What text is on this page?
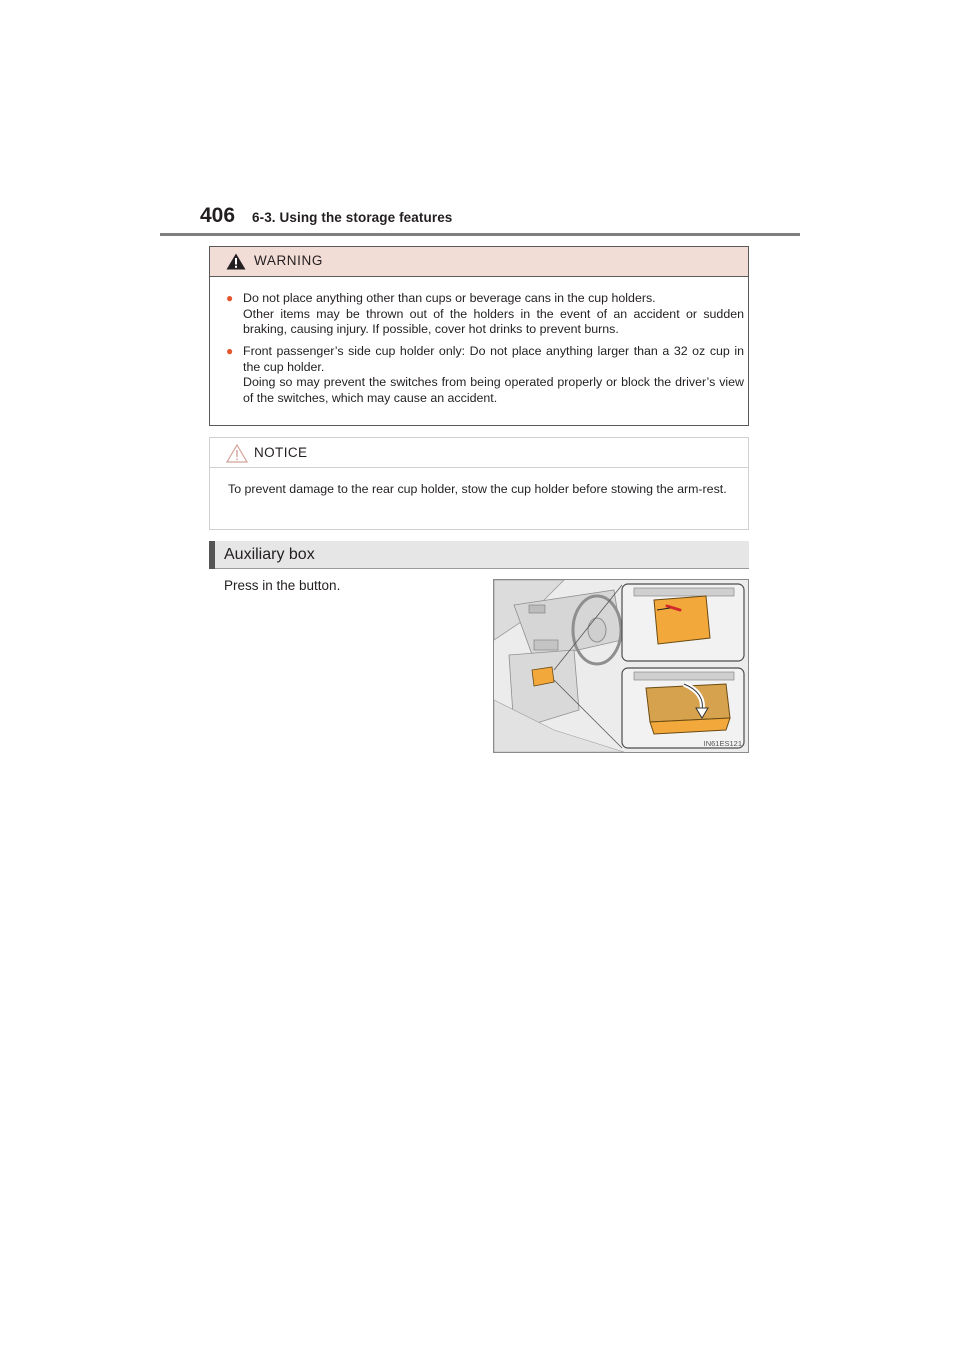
406 6-3. Using the storage features
WARNING
● Do not place anything other than cups or beverage cans in the cup holders.
Other items may be thrown out of the holders in the event of an accident or sudden braking, causing injury. If possible, cover hot drinks to prevent burns.
● Front passenger’s side cup holder only: Do not place anything larger than a 32 oz cup in the cup holder.
Doing so may prevent the switches from being operated properly or block the driver’s view of the switches, which may cause an accident.
NOTICE
To prevent damage to the rear cup holder, stow the cup holder before stowing the arm-rest.
Auxiliary box
Press in the button.
IN61ES121
